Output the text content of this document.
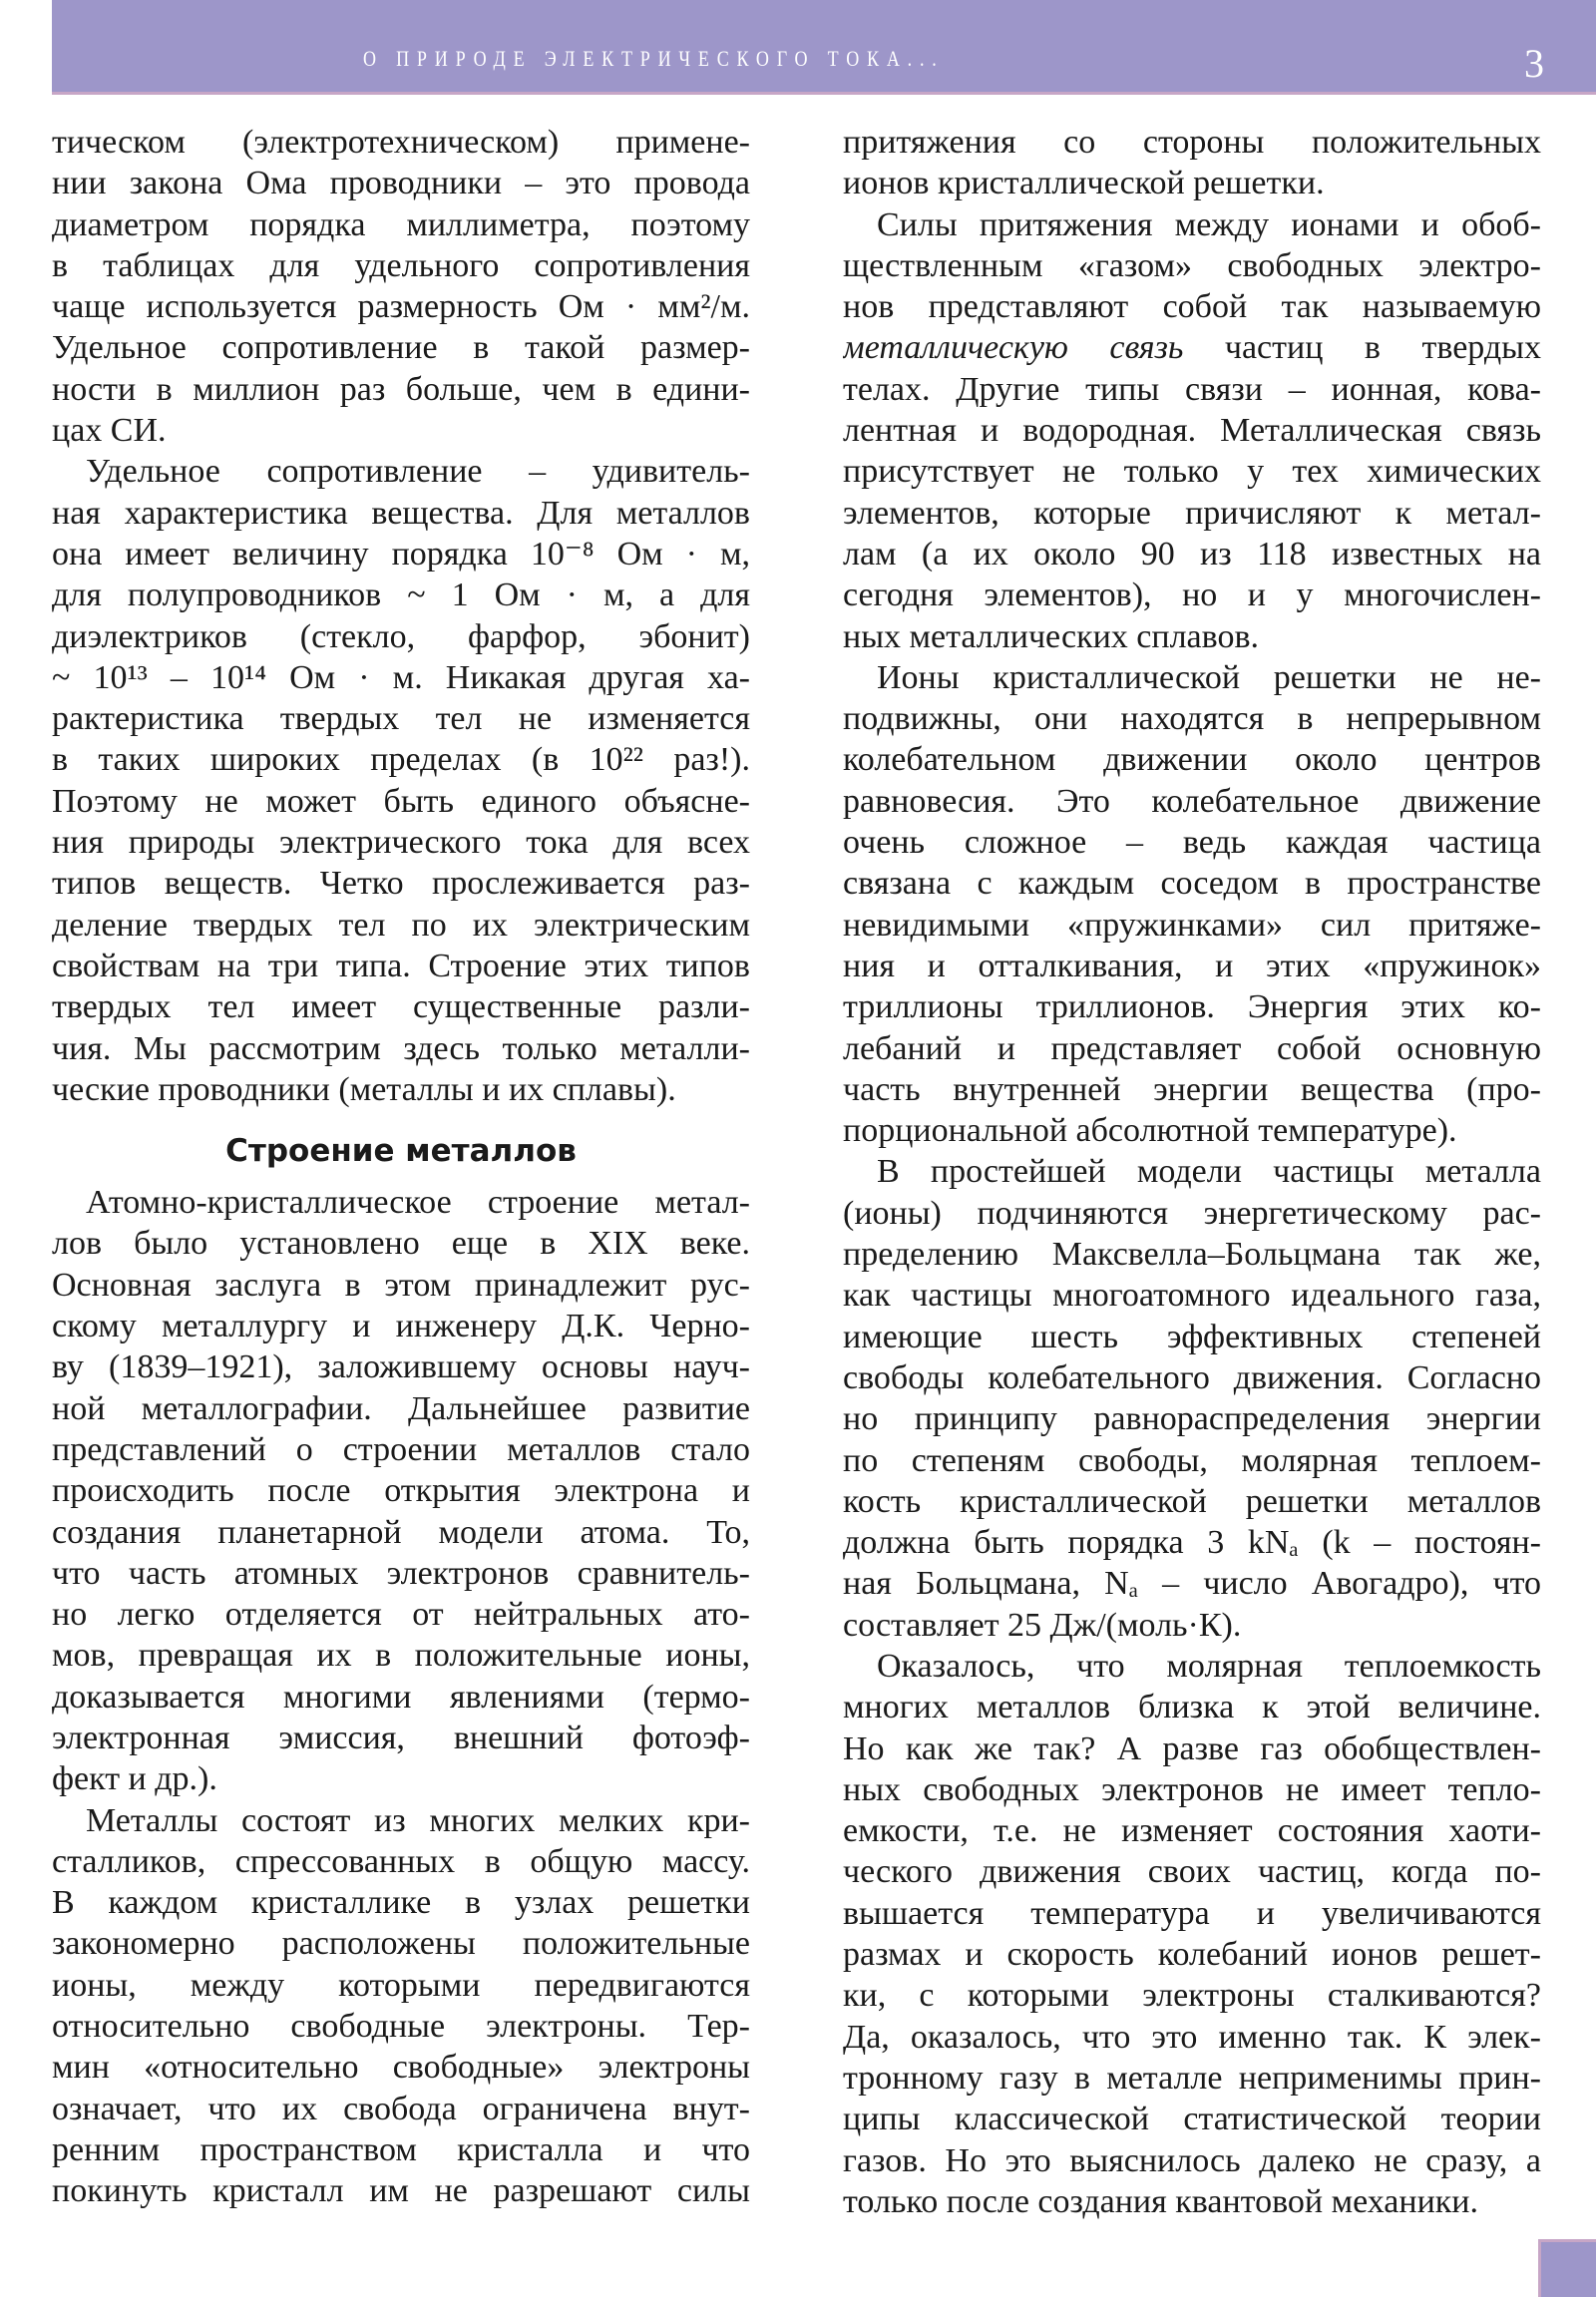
О ПРИРОДЕ ЭЛЕКТРИЧЕСКОГО ТОКА...	3
тическом (электротехническом) примене-
нии закона Ома проводники – это провода
диаметром порядка миллиметра, поэтому
в таблицах для удельного сопротивления
чаще используется размерность Ом · мм²/м.
Удельное сопротивление в такой размер-
ности в миллион раз больше, чем в едини-
цах СИ.
Удельное сопротивление – удивитель-
ная характеристика вещества. Для металлов
она имеет величину порядка 10⁻⁸ Ом · м,
для полупроводников ~ 1 Ом · м, а для
диэлектриков (стекло, фарфор, эбонит)
~ 10¹³ – 10¹⁴ Ом · м. Никакая другая ха-
рактеристика твердых тел не изменяется
в таких широких пределах (в 10²² раз!).
Поэтому не может быть единого объясне-
ния природы электрического тока для всех
типов веществ. Четко прослеживается раз-
деление твердых тел по их электрическим
свойствам на три типа. Строение этих типов
твердых тел имеет существенные разли-
чия. Мы рассмотрим здесь только металли-
ческие проводники (металлы и их сплавы).
Строение металлов
Атомно-кристаллическое строение метал-
лов было установлено еще в XIX веке.
Основная заслуга в этом принадлежит рус-
скому металлургу и инженеру Д.К. Черно-
ву (1839–1921), заложившему основы науч-
ной металлографии. Дальнейшее развитие
представлений о строении металлов стало
происходить после открытия электрона и
создания планетарной модели атома. То,
что часть атомных электронов сравнитель-
но легко отделяется от нейтральных ато-
мов, превращая их в положительные ионы,
доказывается многими явлениями (термо-
электронная эмиссия, внешний фотоэф-
фект и др.).
Металлы состоят из многих мелких кри-
сталликов, спрессованных в общую массу.
В каждом кристаллике в узлах решетки
закономерно расположены положительные
ионы, между которыми передвигаются
относительно свободные электроны. Тер-
мин «относительно свободные» электроны
означает, что их свобода ограничена внут-
ренним пространством кристалла и что
покинуть кристалл им не разрешают силы
притяжения со стороны положительных
ионов кристаллической решетки.
Силы притяжения между ионами и обоб-
ществленным «газом» свободных электро-
нов представляют собой так называемую
металлическую связь частиц в твердых
телах. Другие типы связи – ионная, кова-
лентная и водородная. Металлическая связь
присутствует не только у тех химических
элементов, которые причисляют к метал-
лам (а их около 90 из 118 известных на
сегодня элементов), но и у многочислен-
ных металлических сплавов.
Ионы кристаллической решетки не не-
подвижны, они находятся в непрерывном
колебательном движении около центров
равновесия. Это колебательное движение
очень сложное – ведь каждая частица
связана с каждым соседом в пространстве
невидимыми «пружинками» сил притяже-
ния и отталкивания, и этих «пружинок»
триллионы триллионов. Энергия этих ко-
лебаний и представляет собой основную
часть внутренней энергии вещества (про-
порциональной абсолютной температуре).
В простейшей модели частицы металла
(ионы) подчиняются энергетическому рас-
пределению Максвелла–Больцмана так же,
как частицы многоатомного идеального газа,
имеющие шесть эффективных степеней
свободы колебательного движения. Согласно
но принципу равнораспределения энергии
по степеням свободы, молярная теплоем-
кость кристаллической решетки металлов
должна быть порядка 3 kNₐ (k – постоян-
ная Больцмана, Nₐ – число Авогадро), что
составляет 25 Дж/(моль·К).
Оказалось, что молярная теплоемкость
многих металлов близка к этой величине.
Но как же так? А разве газ обобществлен-
ных свободных электронов не имеет тепло-
емкости, т.е. не изменяет состояния хаоти-
ческого движения своих частиц, когда по-
вышается температура и увеличиваются
размах и скорость колебаний ионов решет-
ки, с которыми электроны сталкиваются?
Да, оказалось, что это именно так. К элек-
тронному газу в металле неприменимы прин-
ципы классической статистической теории
газов. Но это выяснилось далеко не сразу, а
только после создания квантовой механики.
